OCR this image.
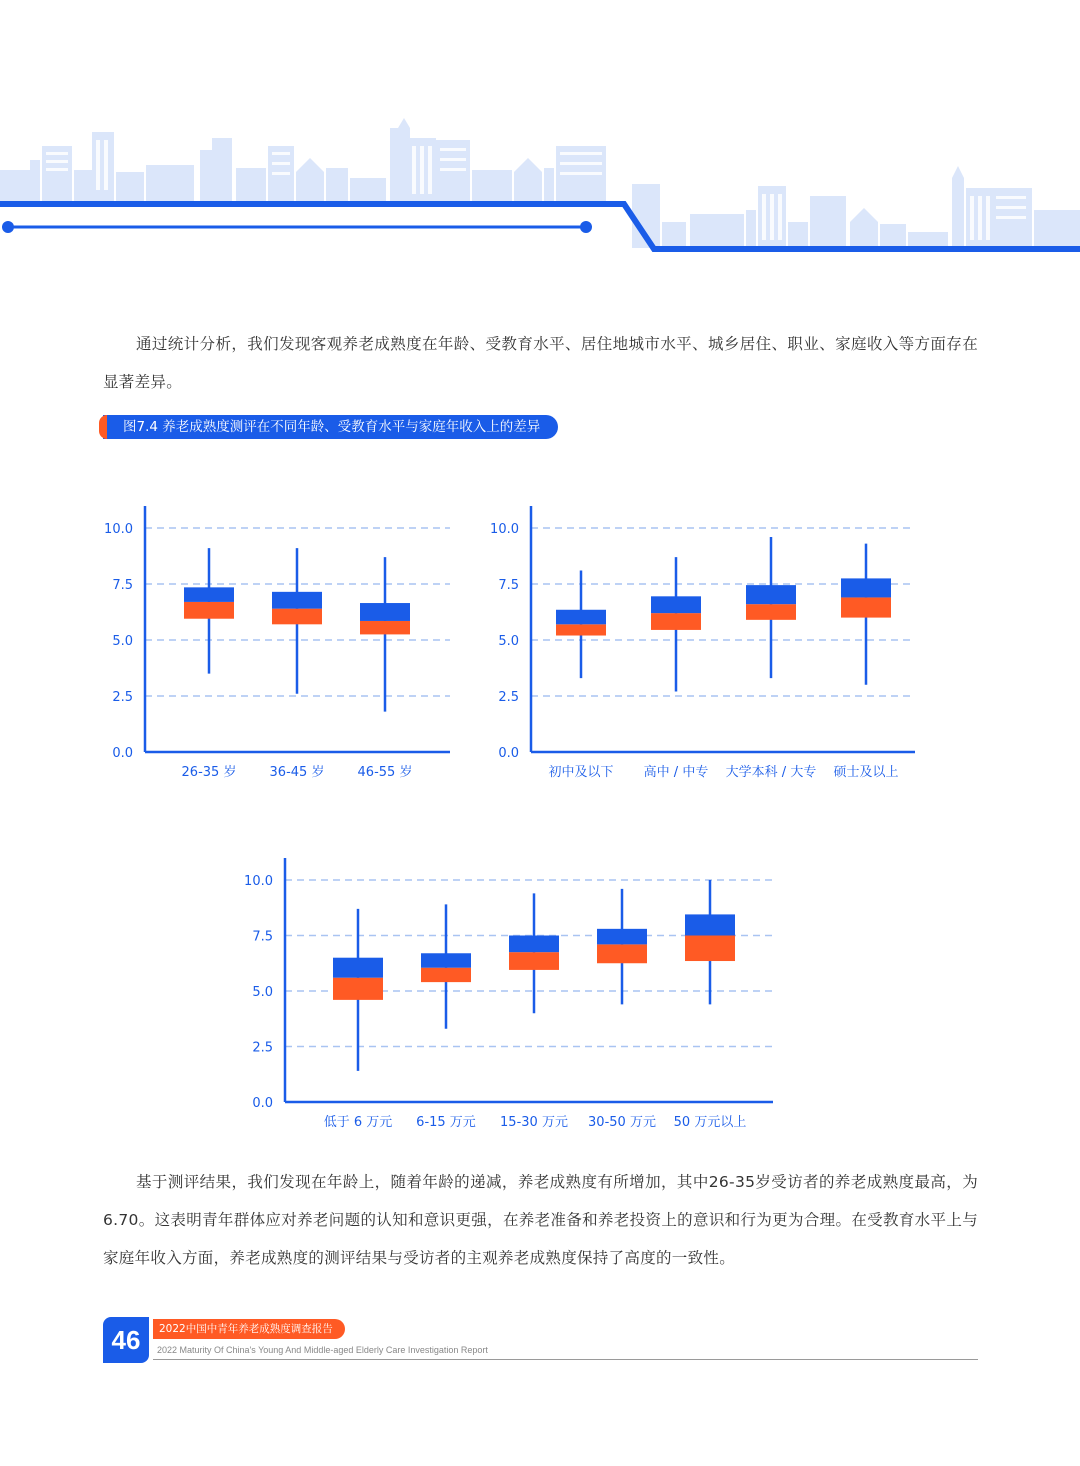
通过统计分析，我们发现客观养老成熟度在年龄、受教育水平、居住地城市水平、城乡居住、职业、家庭收入等方面存在显著差异。

图7.4 养老成熟度测评在不同年龄、受教育水平与家庭年收入上的差异
0.0
2.5
5.0
7.5
10.0
26-35 岁	36-45 岁	46-55 岁
0.0
2.5
5.0
7.5
10.0
初中及以下 高中 / 中专 大学本科 / 大专 硕士及以上
0.0
2.5
5.0
7.5
10.0
低于 6 万元 6-15 万元 15-30 万元 30-50 万元 50 万元以上

基于测评结果，我们发现在年龄上，随着年龄的递减，养老成熟度有所增加，其中26-35岁受访者的养老成熟度最高，为6.70。这表明青年群体应对养老问题的认知和意识更强，在养老准备和养老投资上的意识和行为更为合理。在受教育水平上与家庭年收入方面，养老成熟度的测评结果与受访者的主观养老成熟度保持了高度的一致性。

46	2022中国中青年养老成熟度调查报告
2022 Maturity Of China's Young And Middle-aged Elderly Care Investigation Report
